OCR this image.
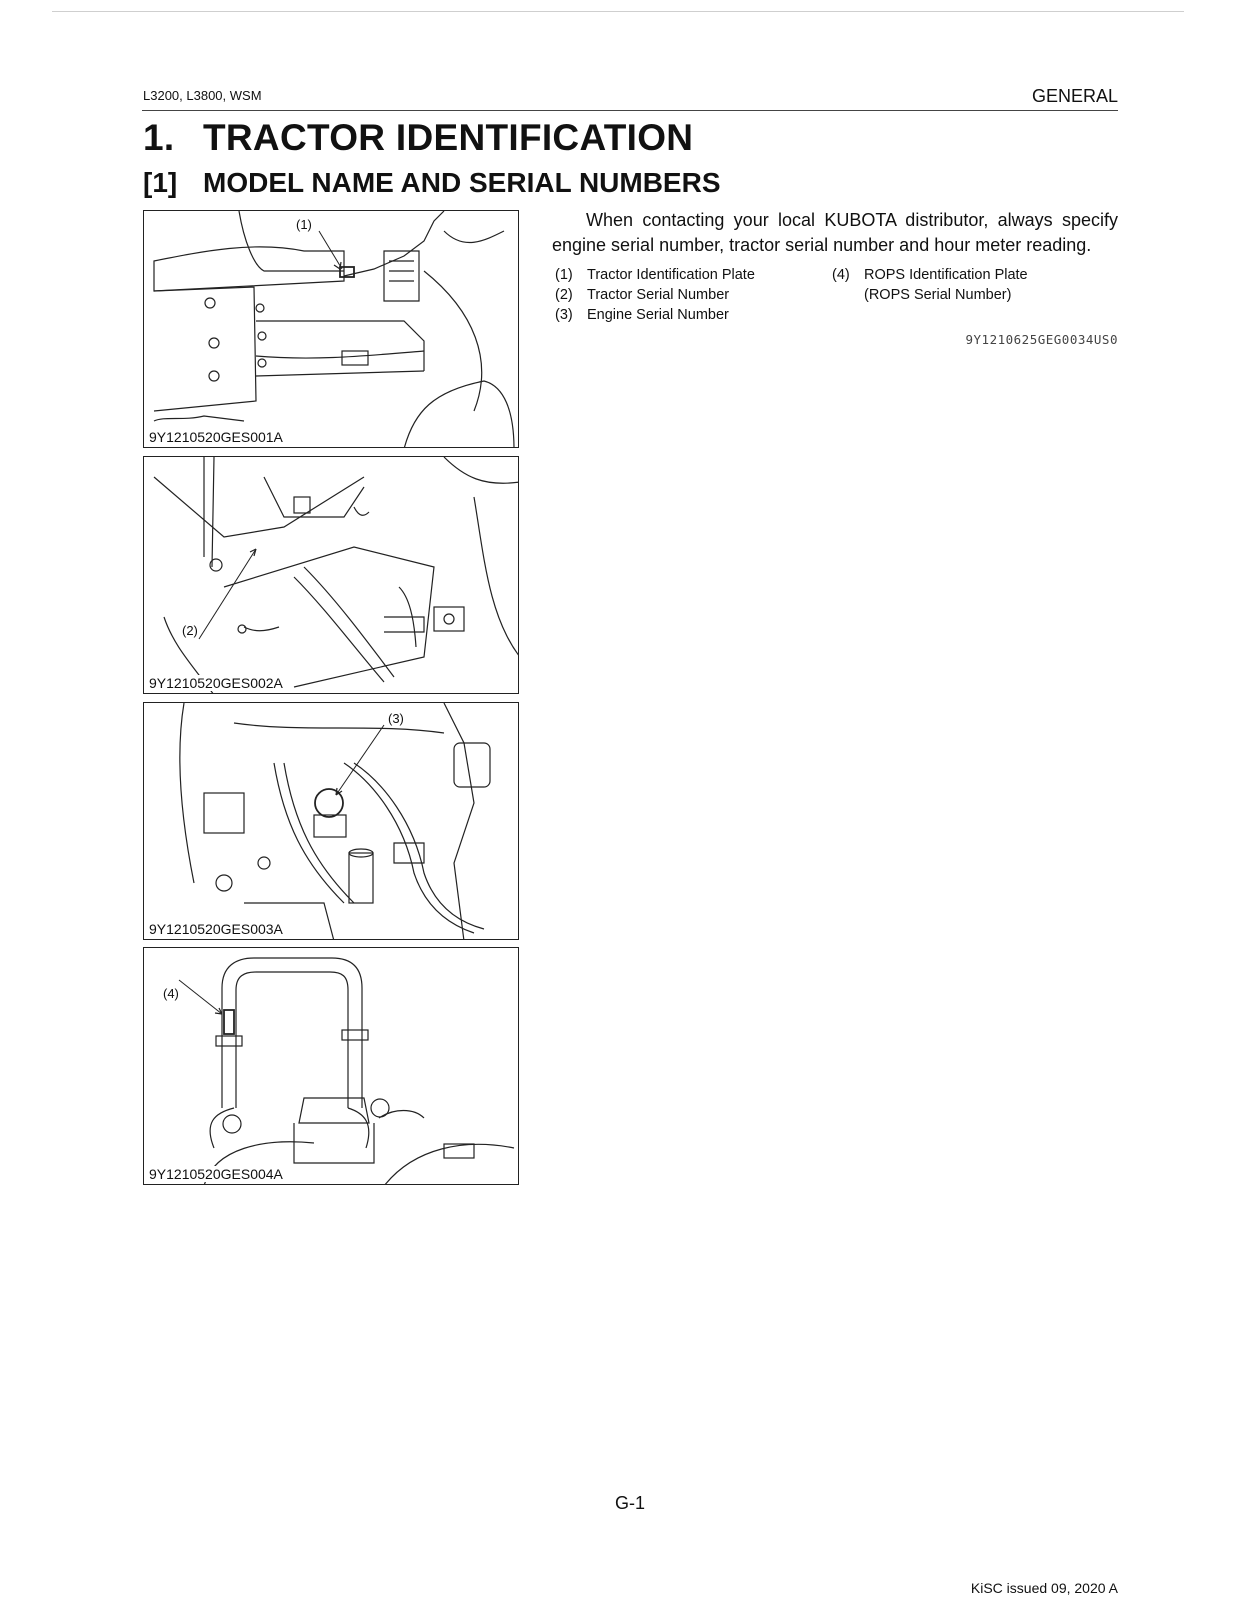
L3200, L3800, WSM	GENERAL
1. TRACTOR IDENTIFICATION
[1] MODEL NAME AND SERIAL NUMBERS
(1)
9Y1210520GES001A
(2)
9Y1210520GES002A
(3)
9Y1210520GES003A
(4)
9Y1210520GES004A
When contacting your local KUBOTA distributor, always specify engine serial number, tractor serial number and hour meter reading.
(1) Tractor Identification Plate
(2) Tractor Serial Number
(3) Engine Serial Number
(4) ROPS Identification Plate
(ROPS Serial Number)
9Y1210625GEG0034US0
G-1
KiSC issued 09, 2020 A
